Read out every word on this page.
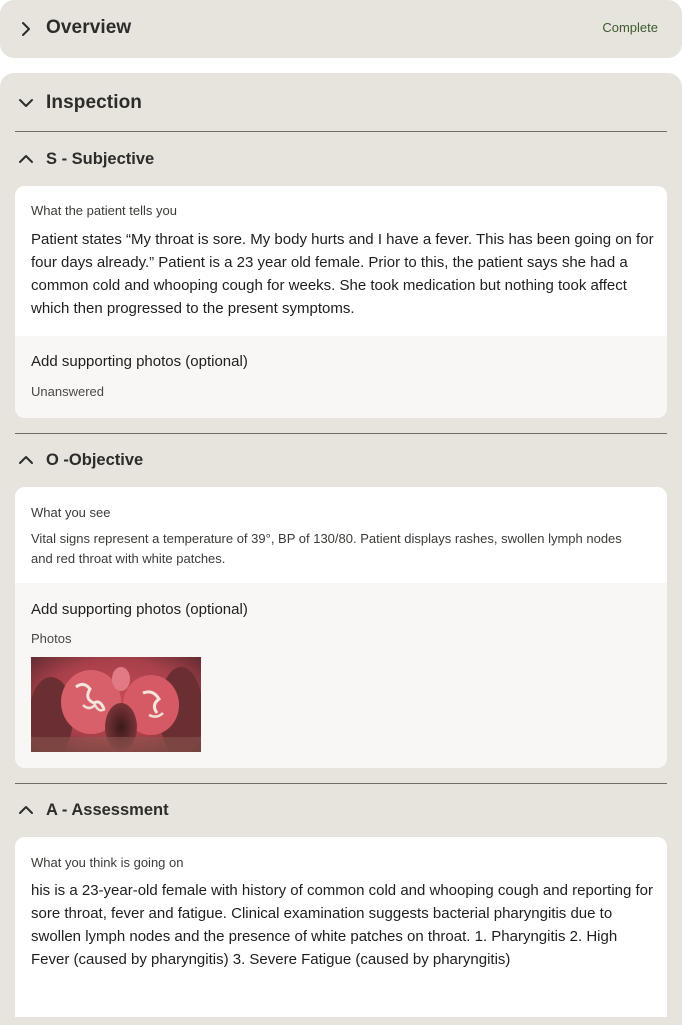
Overview	Complete
Inspection
S - Subjective
What the patient tells you
Patient states “My throat is sore. My body hurts and I have a fever. This has been going on for four days already.” Patient is a 23 year old female. Prior to this, the patient says she had a common cold and whooping cough for weeks. She took medication but nothing took affect which then progressed to the present symptoms.
Add supporting photos (optional)
Unanswered
O -Objective
What you see
Vital signs represent a temperature of 39°, BP of 130/80. Patient displays rashes, swollen lymph nodes and red throat with white patches.
Add supporting photos (optional)
Photos
A - Assessment
What you think is going on
his is a 23-year-old female with history of common cold and whooping cough and reporting for sore throat, fever and fatigue. Clinical examination suggests bacterial pharyngitis due to swollen lymph nodes and the presence of white patches on throat. 1. Pharyngitis 2. High Fever (caused by pharyngitis) 3. Severe Fatigue (caused by pharyngitis)
